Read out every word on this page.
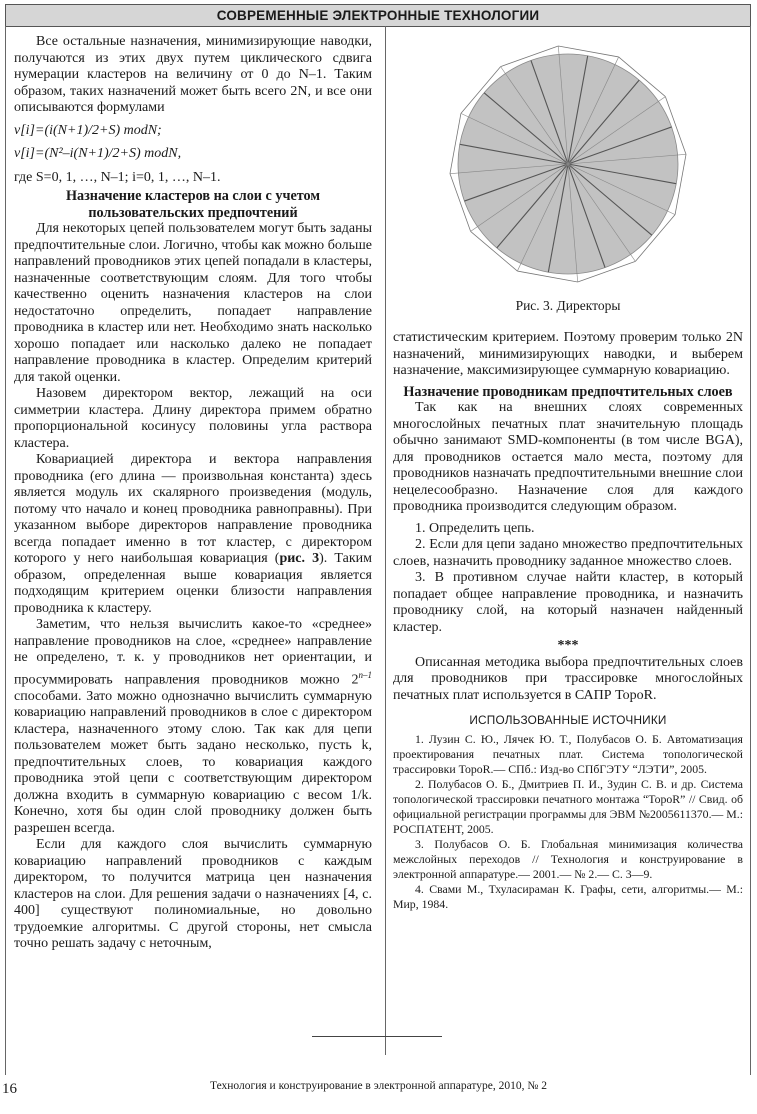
СОВРЕМЕННЫЕ ЭЛЕКТРОННЫЕ ТЕХНОЛОГИИ

Все остальные назначения, минимизирующие наводки, получаются из этих двух путем циклического сдвига нумерации кластеров на величину от 0 до N–1. Таким образом, таких назначений может быть всего 2N, и все они описываются формулами

v[i]=(i(N+1)/2+S) modN;

v[i]=(N²–i(N+1)/2+S) modN,

где S=0, 1, …, N–1; i=0, 1, …, N–1.

Назначение кластеров на слои с учетом пользовательских предпочтений

Для некоторых цепей пользователем могут быть заданы предпочтительные слои. Логично, чтобы как можно больше направлений проводников этих цепей попадали в кластеры, назначенные соответствующим слоям. Для того чтобы качественно оценить назначения кластеров на слои недостаточно определить, попадает направление проводника в кластер или нет. Необходимо знать насколько хорошо попадает или насколько далеко не попадает направление проводника в кластер. Определим критерий для такой оценки.

Назовем директором вектор, лежащий на оси симметрии кластера. Длину директора примем обратно пропорциональной косинусу половины угла раствора кластера.

Ковариацией директора и вектора направления проводника (его длина — произвольная константа) здесь является модуль их скалярного произведения (модуль, потому что начало и конец проводника равноправны). При указанном выборе директоров направление проводника всегда попадает именно в тот кластер, с директором которого у него наибольшая ковариация (рис. 3). Таким образом, определенная выше ковариация является подходящим критерием оценки близости направления проводника к кластеру.

Заметим, что нельзя вычислить какое-то «среднее» направление проводников на слое, «среднее» направление не определено, т. к. у проводников нет ориентации, и просуммировать направления проводников можно 2$^{n-1}$ способами. Зато можно однозначно вычислить суммарную ковариацию направлений проводников в слое с директором кластера, назначенного этому слою. Так как для цепи пользователем может быть задано несколько, пусть k, предпочтительных слоев, то ковариация каждого проводника этой цепи с соответствующим директором должна входить в суммарную ковариацию с весом 1/k. Конечно, хотя бы один слой проводнику должен быть разрешен всегда.

Если для каждого слоя вычислить суммарную ковариацию направлений проводников с каждым директором, то получится матрица цен назначения кластеров на слои. Для решения задачи о назначениях [4, с. 400] существуют полиномиальные, но довольно трудоемкие алгоритмы. С другой стороны, нет смысла точно решать задачу с неточным,

Рис. 3. Директоры

статистическим критерием. Поэтому проверим только 2N назначений, минимизирующих наводки, и выберем назначение, максимизирующее суммарную ковариацию.

Назначение проводникам предпочтительных слоев

Так как на внешних слоях современных многослойных печатных плат значительную площадь обычно занимают SMD-компоненты (в том числе BGA), для проводников остается мало места, поэтому для проводников назначать предпочтительными внешние слои нецелесообразно. Назначение слоя для каждого проводника производится следующим образом.

1. Определить цепь.

2. Если для цепи задано множество предпочтительных слоев, назначить проводнику заданное множество слоев.

3. В противном случае найти кластер, в который попадает общее направление проводника, и назначить проводнику слой, на который назначен найденный кластер.

***

Описанная методика выбора предпочтительных слоев для проводников при трассировке многослойных печатных плат используется в САПР TopoR.

ИСПОЛЬЗОВАННЫЕ ИСТОЧНИКИ

1. Лузин С. Ю., Лячек Ю. Т., Полубасов О. Б. Автоматизация проектирования печатных плат. Система топологической трассировки TopoR.— СПб.: Изд-во СПбГЭТУ “ЛЭТИ”, 2005.

2. Полубасов О. Б., Дмитриев П. И., Зудин С. В. и др. Система топологической трассировки печатного монтажа “TopoR” // Свид. об официальной регистрации программы для ЭВМ №2005611370.— М.: РОСПАТЕНТ, 2005.

3. Полубасов О. Б. Глобальная минимизация количества межслойных переходов // Технология и конструирование в электронной аппаратуре.— 2001.— № 2.— С. 3—9.

4. Свами М., Тхуласираман К. Графы, сети, алгоритмы.— М.: Мир, 1984.

16	Технология и конструирование в электронной аппаратуре, 2010, № 2
